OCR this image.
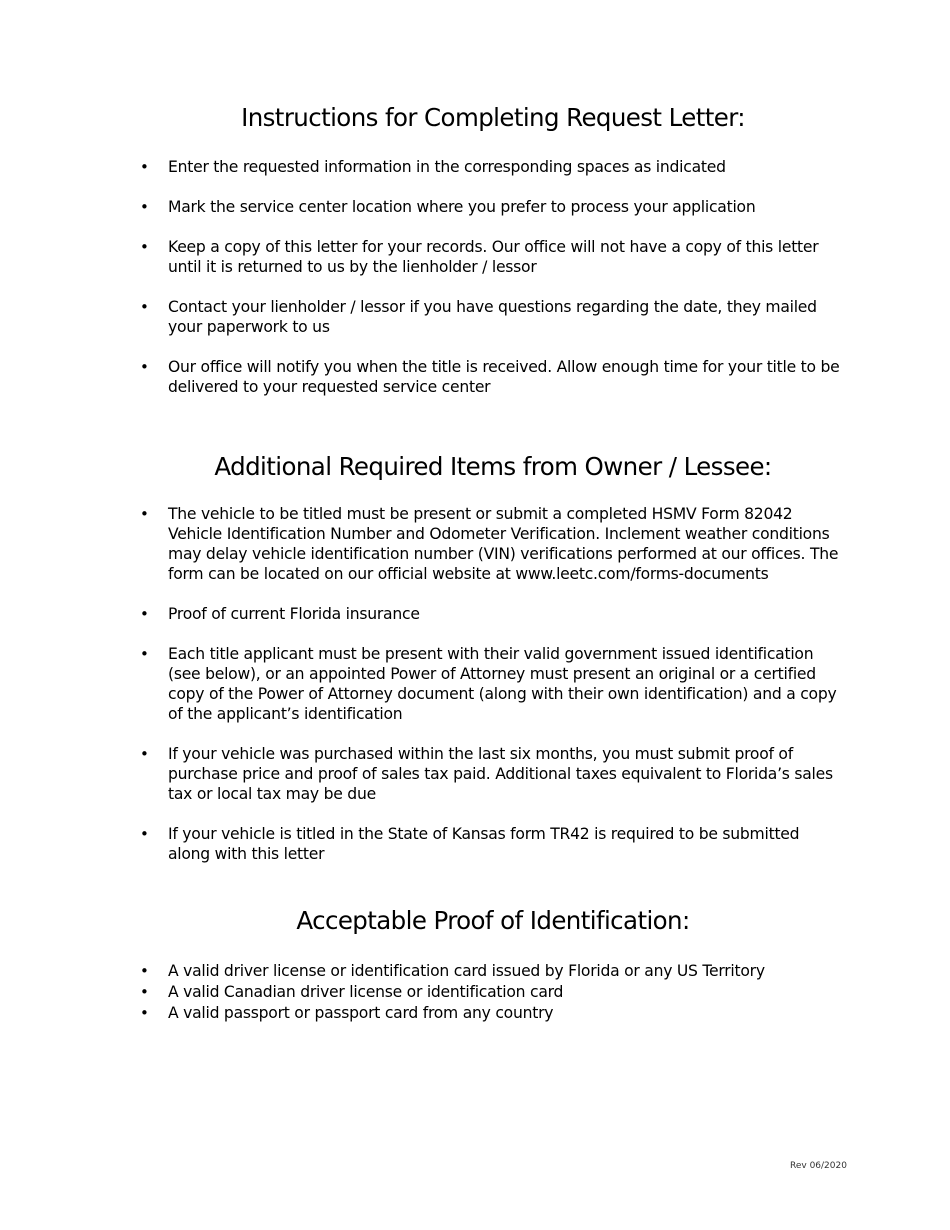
Instructions for Completing Request Letter:
• Enter the requested information in the corresponding spaces as indicated
• Mark the service center location where you prefer to process your application
• Keep a copy of this letter for your records. Our office will not have a copy of this letter until it is returned to us by the lienholder / lessor
• Contact your lienholder / lessor if you have questions regarding the date, they mailed your paperwork to us
• Our office will notify you when the title is received. Allow enough time for your title to be delivered to your requested service center
Additional Required Items from Owner / Lessee:
• The vehicle to be titled must be present or submit a completed HSMV Form 82042 Vehicle Identification Number and Odometer Verification. Inclement weather conditions may delay vehicle identification number (VIN) verifications performed at our offices. The form can be located on our official website at www.leetc.com/forms-documents
• Proof of current Florida insurance
• Each title applicant must be present with their valid government issued identification (see below), or an appointed Power of Attorney must present an original or a certified copy of the Power of Attorney document (along with their own identification) and a copy of the applicant’s identification
• If your vehicle was purchased within the last six months, you must submit proof of purchase price and proof of sales tax paid. Additional taxes equivalent to Florida’s sales tax or local tax may be due
• If your vehicle is titled in the State of Kansas form TR42 is required to be submitted along with this letter
Acceptable Proof of Identification:
• A valid driver license or identification card issued by Florida or any US Territory
• A valid Canadian driver license or identification card
• A valid passport or passport card from any country
Rev 06/2020
